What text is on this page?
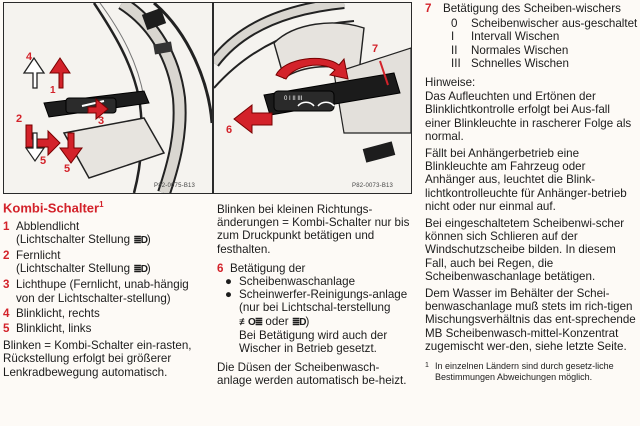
4
1
2	3
5
5
P82-0075-B13
0 I II III
7
6
P82-0073-B13
Kombi-Schalter$^1$
1 Abblendlicht
(Lichtschalter Stellung ≣D)
2 Fernlicht
(Lichtschalter Stellung ≣D)
3 Lichthupe (Fernlicht, unab-hängig von der Lichtschalter-stellung)
4 Blinklicht, rechts
5 Blinklicht, links

Blinken = Kombi-Schalter ein-rasten, Rückstellung erfolgt bei größerer Lenkradbewegung automatisch.

Blinken bei kleinen Richtungs-änderungen = Kombi-Schalter nur bis zum Druckpunkt betätigen und festhalten.

6 Betätigung der
● Scheibenwaschanlage
● Scheinwerfer-Reinigungs-anlage (nur bei Lichtschal-terstellung ≢O≣ oder ≣D)

Bei Betätigung wird auch der Wischer in Betrieb gesetzt.

Die Düsen der Scheibenwasch-anlage werden automatisch be-heizt.

7 Betätigung des Scheiben-wischers
0	Scheibenwischer aus-geschaltet
I	Intervall Wischen
II	Normales Wischen
III Schnelles Wischen

Hinweise:

Das Aufleuchten und Ertönen der Blinklichtkontrolle erfolgt bei Aus-fall einer Blinkleuchte in rascherer Folge als normal.

Fällt bei Anhängerbetrieb eine Blinkleuchte am Fahrzeug oder Anhänger aus, leuchtet die Blink-lichtkontrolleuchte für Anhänger-betrieb nicht oder nur einmal auf.

Bei eingeschaltetem Scheibenwi-scher können sich Schlieren auf der Windschutzscheibe bilden. In diesem Fall, auch bei Regen, die Scheibenwaschanlage betätigen.

Dem Wasser im Behälter der Schei-benwaschanlage muß stets im rich-tigen Mischungsverhältnis das ent-sprechende MB Scheibenwasch-mittel-Konzentrat zugemischt wer-den, siehe letzte Seite.

1 In einzelnen Ländern sind durch gesetz-liche Bestimmungen Abweichungen möglich.
